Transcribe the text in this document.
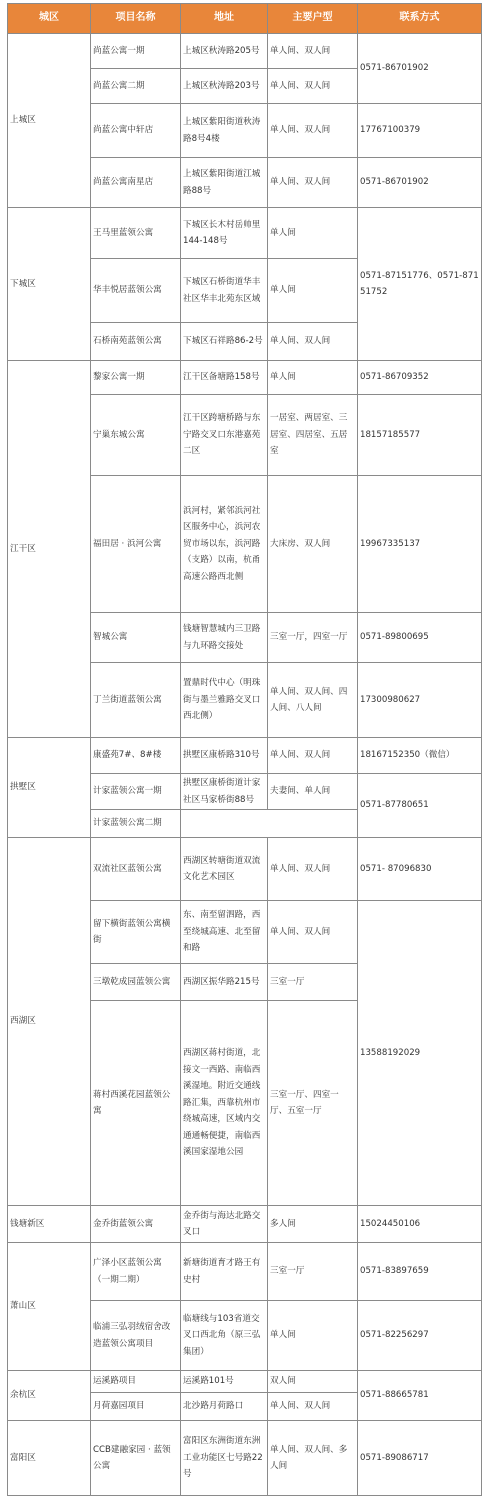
城区	项目名称	地址	主要户型	联系方式
上城区	尚蓝公寓一期	上城区秋涛路205号	单人间、双人间	0571-86701902
	尚蓝公寓二期	上城区秋涛路203号	单人间、双人间	
	尚蓝公寓中轩店	上城区紫阳街道秋涛路8号4楼	单人间、双人间	17767100379
	尚蓝公寓南星店	上城区紫阳街道江城路88号	单人间、双人间	0571-86701902
下城区	王马里蓝领公寓	下城区长木村岳帅里144-148号	单人间	0571-87151776、0571-87151752
	华丰悦居蓝领公寓	下城区石桥街道华丰社区华丰北苑东区域	单人间	
	石桥南苑蓝领公寓	下城区石祥路86-2号	单人间、双人间	
江干区	黎家公寓一期	江干区备塘路158号	单人间	0571-86709352
	宁巢东城公寓	江干区跨塘桥路与东宁路交叉口东港嘉苑二区	一居室、两居室、三居室、四居室、五居室	18157185577
	福田居 · 浜河公寓	浜河村，紧邻浜河社区服务中心，浜河农贸市场以东，浜河路（支路）以南，杭甬高速公路西北侧	大床房、双人间	19967335137
	智城公寓	钱塘智慧城内三卫路与九环路交接处	三室一厅，四室一厅	0571-89800695
	丁兰街道蓝领公寓	置鼎时代中心（明珠街与墨兰雅路交叉口西北侧）	单人间、双人间、四人间、八人间	17300980627
拱墅区	康盛苑7#、8#楼	拱墅区康桥路310号	单人间、双人间	18167152350（微信）
	计家蓝领公寓一期	拱墅区康桥街道计家社区马家桥街88号	夫妻间、单人间	0571-87780651
	计家蓝领公寓二期			
西湖区	双流社区蓝领公寓	西湖区转塘街道双流文化艺术园区	单人间、双人间	0571- 87096830
	留下横街蓝领公寓横街	东、南至留泗路，西至绕城高速、北至留和路	单人间、双人间	13588192029
	三墩乾成园蓝领公寓	西湖区振华路215号	三室一厅	
	蒋村西溪花园蓝领公寓	西湖区蒋村街道，北接文一西路、南临西溪湿地。附近交通线路汇集，西靠杭州市绕城高速，区域内交通通畅便捷，南临西溪国家湿地公园	三室一厅、四室一厅、五室一厅	
钱塘新区	金乔街蓝领公寓	金乔街与海达北路交叉口	多人间	15024450106
萧山区	广泽小区蓝领公寓（一期二期）	新塘街道育才路王有史村	三室一厅	0571-83897659
	临浦三弘羽绒宿舍改造蓝领公寓项目	临塘线与103省道交叉口西北角（原三弘集团）	单人间	0571-82256297
余杭区	运溪路项目	运溪路101号	双人间	0571-88665781
	月荷嘉园项目	北沙路月荷路口	单人间、双人间	
富阳区	CCB建融家园 · 蓝领公寓	富阳区东洲街道东洲工业功能区七号路22号	单人间、双人间、多人间	0571-89086717
